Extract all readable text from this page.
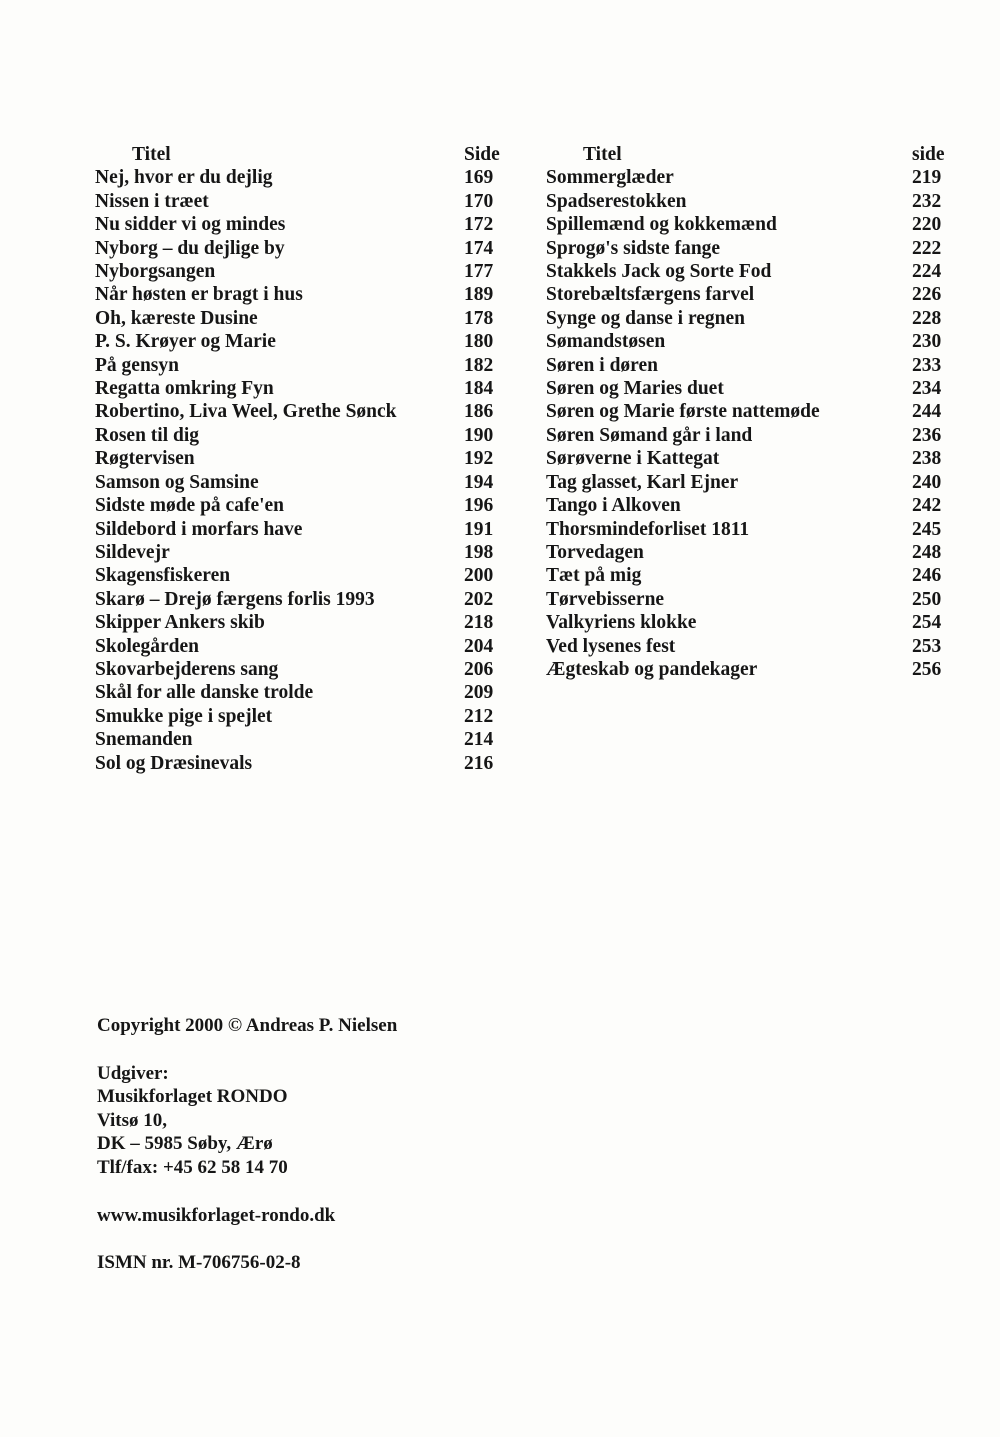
Titel	Side
Nej, hvor er du dejlig	169
Nissen i træet	170
Nu sidder vi og mindes	172
Nyborg – du dejlige by	174
Nyborgsangen	177
Når høsten er bragt i hus	189
Oh, kæreste Dusine	178
P. S. Krøyer og Marie	180
På gensyn	182
Regatta omkring Fyn	184
Robertino, Liva Weel, Grethe Sønck	186
Rosen til dig	190
Røgtervisen	192
Samson og Samsine	194
Sidste møde på cafe'en	196
Sildebord i morfars have	191
Sildevejr	198
Skagensfiskeren	200
Skarø – Drejø færgens forlis 1993	202
Skipper Ankers skib	218
Skolegården	204
Skovarbejderens sang	206
Skål for alle danske trolde	209
Smukke pige i spejlet	212
Snemanden	214
Sol og Dræsinevals	216
Titel	side
Sommerglæder	219
Spadserestokken	232
Spillemænd og kokkemænd	220
Sprogø's sidste fange	222
Stakkels Jack og Sorte Fod	224
Storebæltsfærgens farvel	226
Synge og danse i regnen	228
Sømandstøsen	230
Søren i døren	233
Søren og Maries duet	234
Søren og Marie første nattemøde	244
Søren Sømand går i land	236
Sørøverne i Kattegat	238
Tag glasset, Karl Ejner	240
Tango i Alkoven	242
Thorsmindeforliset 1811	245
Torvedagen	248
Tæt på mig	246
Tørvebisserne	250
Valkyriens klokke	254
Ved lysenes fest	253
Ægteskab og pandekager	256

Copyright 2000 © Andreas P. Nielsen

Udgiver:
Musikforlaget RONDO
Vitsø 10,
DK – 5985 Søby, Ærø
Tlf/fax: +45 62 58 14 70

www.musikforlaget-rondo.dk

ISMN nr. M-706756-02-8
